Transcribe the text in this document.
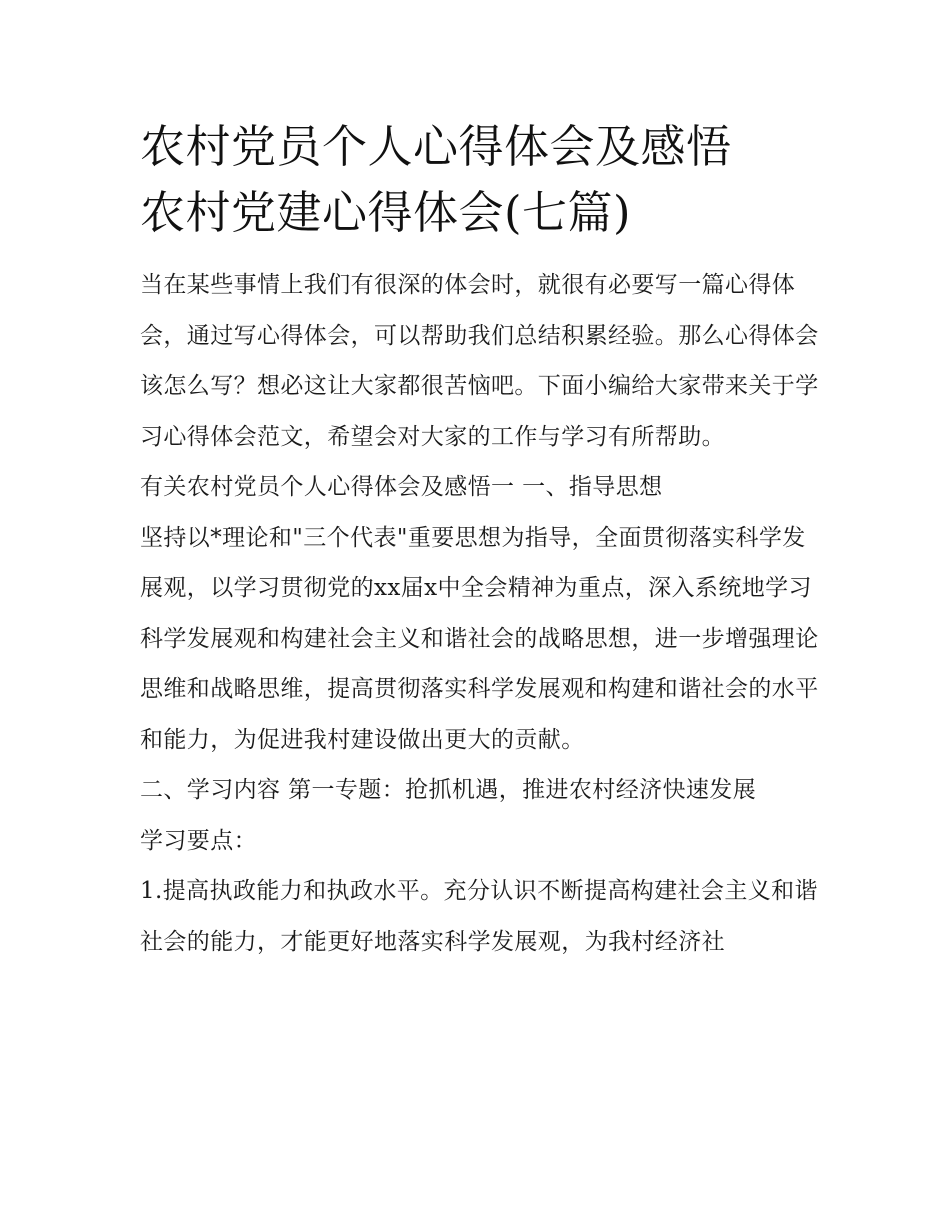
农村党员个人心得体会及感悟
农村党建心得体会(七篇)

当在某些事情上我们有很深的体会时，就很有必要写一篇心得体会，通过写心得体会，可以帮助我们总结积累经验。那么心得体会该怎么写？想必这让大家都很苦恼吧。下面小编给大家带来关于学习心得体会范文，希望会对大家的工作与学习有所帮助。

有关农村党员个人心得体会及感悟一 一、指导思想

坚持以*理论和"三个代表"重要思想为指导，全面贯彻落实科学发展观，以学习贯彻党的xx届x中全会精神为重点，深入系统地学习科学发展观和构建社会主义和谐社会的战略思想，进一步增强理论思维和战略思维，提高贯彻落实科学发展观和构建和谐社会的水平和能力，为促进我村建设做出更大的贡献。

二、学习内容 第一专题：抢抓机遇，推进农村经济快速发展

学习要点：

1.提高执政能力和执政水平。充分认识不断提高构建社会主义和谐社会的能力，才能更好地落实科学发展观，为我村经济社
